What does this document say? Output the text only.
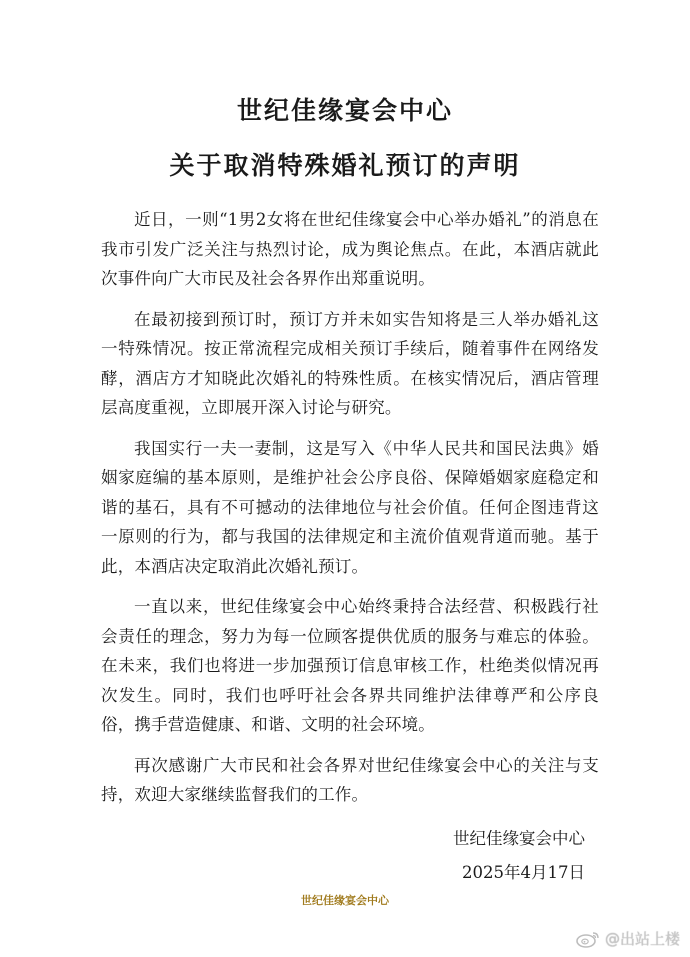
世纪佳缘宴会中心
关于取消特殊婚礼预订的声明

近日，一则“1男2女将在世纪佳缘宴会中心举办婚礼”的消息在我市引发广泛关注与热烈讨论，成为舆论焦点。在此，本酒店就此次事件向广大市民及社会各界作出郑重说明。

在最初接到预订时，预订方并未如实告知将是三人举办婚礼这一特殊情况。按正常流程完成相关预订手续后，随着事件在网络发酵，酒店方才知晓此次婚礼的特殊性质。在核实情况后，酒店管理层高度重视，立即展开深入讨论与研究。

我国实行一夫一妻制，这是写入《中华人民共和国民法典》婚姻家庭编的基本原则，是维护社会公序良俗、保障婚姻家庭稳定和谐的基石，具有不可撼动的法律地位与社会价值。任何企图违背这一原则的行为，都与我国的法律规定和主流价值观背道而驰。基于此，本酒店决定取消此次婚礼预订。

一直以来，世纪佳缘宴会中心始终秉持合法经营、积极践行社会责任的理念，努力为每一位顾客提供优质的服务与难忘的体验。在未来，我们也将进一步加强预订信息审核工作，杜绝类似情况再次发生。同时，我们也呼吁社会各界共同维护法律尊严和公序良俗，携手营造健康、和谐、文明的社会环境。

再次感谢广大市民和社会各界对世纪佳缘宴会中心的关注与支持，欢迎大家继续监督我们的工作。

世纪佳缘宴会中心
2025年4月17日
世纪佳缘宴会中心
@出站上楼
